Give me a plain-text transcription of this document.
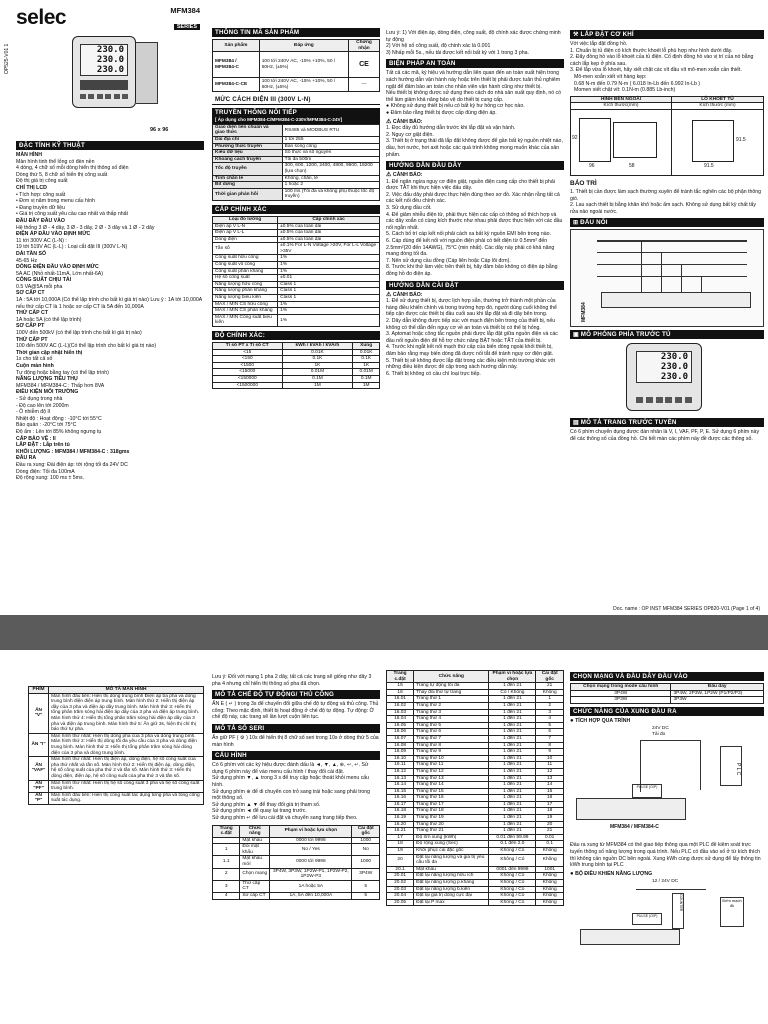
OP525-V01 1
selec	MFM384
SERIES
230.0
230.0
230.0
96 x 96
ĐẶC TÍNH KỸ THUẬT
MÀN HÌNH
Màn hình tinh thể lỏng có đèn nền
4 dòng, 4 chữ số mỗi dòng hiển thị thông số điện
Dòng thứ 5, 8 chữ số hiển thị công suất
Độ thị giá trị công suất
CHỈ THỊ LCD
• Tích hợp: công suất
• Đơn vị năm trong menu cấu hình
• Đang truyền dữ liệu
• Giá trị công suất yêu cầu cao nhất và thấp nhất
ĐẦU ĐẦY ĐẦU VÀO
Hệ thống 3 Ø - 4 dây, 3 Ø - 3 dây, 2 Ø - 3 dây và 1 Ø - 2 dây
ĐIỆN ÁP ĐẦU VÀO ĐỊNH MỨC
11 tới 300V AC (L-N) :
19 tới 519V AC (L-L) : Loại cắt đặt III (300V L-N)
DẢI TẦN SỐ
45-65 Hz
DÒNG ĐIỆN ĐẦU VÀO ĐỊNH MỨC
5A AC (Nhỏ nhất-11mA, Lớn nhất-6A)
CÔNG SUẤT CHỊU TẢI
0.5 VA@5A mỗi pha
SƠ CẤP CT
1A : 5A tới 10,000A (Có thể lập trình cho bất kì giá trị nào) Lưu ý : 1A tới 10,000A nếu thứ cấp CT là 1 hoặc sơ cấp CT là 5A đến 10,000A
THỨ CẤP CT
1A hoặc 5A (có thể lập trình)
SƠ CẤP PT
100V đến 500kV (có thể lập trình cho bất kì giá trị nào)
THỨ CẤP PT
100 đến 500V AC (L-L)(Có thể lập trình cho bất kì giá trị nào)
Thời gian cập nhật hiển thị
1s cho tất cả số
Cuộn màn hình
Tự động hoặc bằng tay (có thể lập trình)
NĂNG LƯỢNG TIÊU THỤ
MFM384 / MFM384-C : Thấp hơn 8VA
ĐIỀU KIỆN MÔI TRƯỜNG
- Sử dụng trong nhà
- Độ cao lên tới 2000m
- Ô nhiễm độ II
Nhiệt độ : Hoạt động : -10°C tới 55°C
Bảo quản : -20°C tới 75°C
Độ ẩm : Lên tới 85% không ngưng tụ
CẤP BẢO VỆ : II
LẮP ĐẶT : Lắp trên tủ
KHỐI LƯỢNG : MFM384 / MFM384-C : 318gms
ĐẦU RA
Đầu ra xung: Đài điện áp: tới rộng tối đa 24V DC
Dòng điện: Tối đa 100mA
Độ rộng xung: 100 ms ± 5ms.
THÔNG TIN MÃ SẢN PHẨM
Sản phẩm	Đáp ứng	Chứng nhận
MFM384 / MFM384-C	100 tới 240V AC, -15% +10%, 50 / 60Hz, (±5%)	CE
MFM384-C-CE	100 tới 240V AC, -15% +10%, 50 / 60Hz, (±5%)	—
MỨC CÁCH ĐIỆN III (300V L-N)
TRUYỀN THÔNG NỐI TIẾP
[ Áp dụng cho MFM384-C/MFM384-C-230V/MFM384-C-24V]
Giao diện liên chuẩn và giao thức	RS485 và MODBUS RTU
Dải địa chỉ	1 tới 255
Phương thức truyền	Bán song công
Kiểu dữ liệu	Số thực và số nguyên
Khoảng cách truyền	Tối đa 500m
Tốc độ truyền	300, 600, 1200, 2400, 4800, 9600, 19200 (lựa chọn)
Tính chẵn lẻ	Không, chẵn, lẻ
Bit dừng	1 hoặc 2
Thời gian phản hồi	100 ms (Tối đa và không phụ thuộc tốc độ truyền)
CẤP CHÍNH XÁC
Loại đo lường	Cấp chính xác
Điện áp V L-N	±0.5% của toàn dải
Điện áp V L-L	±0.5% của toàn dải
Dòng điện	±0.5% của toàn dải
Tần số	±0.1% For L-N Voltage >20V, For L-L Voltage >35V
Công suất hữu công	1%
Công suất vô công	1%
Công suất phản kháng	1%
Hệ số công suất	±0.01
Năng lượng hữu công	Class 1
Năng lượng phản kháng	Class 1
Năng lượng biểu kiến	Class 1
MAX / MIN CS hữu công	1%
MAX / MIN CS phản kháng	1%
MAX / MIN Công suất biểu kiến	1%
ĐỘ CHÍNH XÁC:
Tỉ số PT x Tỉ số CT	kWh / kVAh / kVArh	Xung
<15	0.01K	0.01K
<150	0.1K	0.1K
<1500	1K	1K
<15000	0.01M	0.01M
<150000	0.1M	0.1M
<1500000	1M	1M
Lưu ý: 1) Với điện áp, dòng điện, công suất, độ chính xác được chứng minh tự động
2) Với hệ số công suất, độ chính xác là 0.001
3) Nhấp mỗi 5s., nếu tải được kết nối bất kỳ với 1 trong 3 pha.
BIỆN PHÁP AN TOÀN
Tất cả các mã, ký hiệu và hướng dẫn liên quan đến an toàn xuất hiện trong sách hướng dẫn vận hành này hoặc trên thiết bị phải được tuân thủ nghiêm ngặt để đảm bảo an toàn cho nhân viên vận hành cũng như thiết bị.
Nếu thiết bị không được sử dụng theo cách do nhà sản xuất quy định, nó có thể làm giảm khả năng bảo vệ do thiết bị cung cấp.
● Không sử dụng thiết bị nếu có bất kỳ hư hỏng cơ học nào.
● Đảm bảo rằng thiết bị được cấp đúng điện áp.
⚠ CẢNH BÁO:
1. Đọc đầy đủ hướng dẫn trước khi lắp đặt và vận hành.
2. Nguy cơ giật điện.
3. Thiết bị ở trạng thái đã lắp đặt không được để gần bất kỳ nguồn nhiệt nào, dầu, hơi nước, hơi axit hoặc các quá trình không mong muốn khác của sản phẩm.
HƯỚNG DẪN ĐẦU DÂY
⚠ CẢNH BÁO:
1. Để ngăn ngừa nguy cơ điện giật, nguồn điện cung cấp cho thiết bị phải được TẮT khi thực hiện việc đấu dây.
2. Việc đấu dây phải được thực hiện đúng theo sơ đồ. Xác nhận rằng tất cả các kết nối đều chính xác.
3. Sử dụng đầu cốt.
4. Để giảm nhiễu điện từ, phải thực hiện các cấp có thông số thích hợp và các dây xoắn có cùng kích thước như nhau phải được thực hiện với các đầu nối ngắn nhất.
5. Cách bố trí cáp kết nối phải cách xa bất kỳ nguồn EMI bên trong nào.
6. Cáp dùng để kết nối với nguồn điện phải có tiết diện từ 0.5mm² đến 2.5mm²(20 đến 14AWG), 75°C (min nhất). Các dây này phải có khả năng mang dòng tối đa.
7. Nên sử dụng cầu đồng (Cáp liên hoặc Cáp lõi đơn).
8. Trước khi thử làm việc trên thiết bị, hãy đảm bảo không có điện áp bằng đồng hồ đo điện áp.
HƯỚNG DẪN CÀI ĐẶT
⚠ CẢNH BÁO:
1. Để sử dụng thiết bị, dược lịch hợp sẵn, thường trở thành một phần của hàng điều khiển chính và trong trường hợp đó, người dùng cuối không thể tiếp cận được các thiết bị đầu cuối sau khi lắp đặt và đi dây bên trong.
2. Dây dẫn không được tiếp xúc với mạch điện bên trong của thiết bị, nếu không có thể dẫn đến nguy cơ về an toàn và thiết bị có thể bị hỏng.
3. Aptomat hoặc công tắc nguồn phải được lắp đặt giữa nguồn điện và các đầu nối nguồn điện để hỗ trợ chức năng BẬT hoặc TẮT của thiết bị.
4. Trước khi ngắt kết nối mạch thứ cấp của biến dòng ngoài khỏi thiết bị, đảm bảo rằng mạy biến dòng đã được nối tắt để tránh nguy cơ điện giật.
5. Thiết bị sẽ không được lắp đặt trong các điều kiện môi trường khác với những điều kiện được đề cập trong sách hướng dẫn này.
6. Thiết bị không có cầu chì loại trực tiếp.
⚒ LẮP ĐẶT CƠ KHÍ
Với việc lắp đặt đồng hồ.
1. Chuẩn bị tủ điện có kích thước khoét lỗ phù hợp như hình dưới đây.
2. Đẩy đồng hồ vào lỗ khoét của tủ điện. Cố định đồng hồ vào vị trí của nó bằng cách lắp kẹp ở phía sau.
3. Để lắp vừa lỗ khoét, hãy xiết chặt các vít đầu vít mô-men xoắn cần thiết.
Mô-men xoắn xiết vít hàng kẹp:
0.68 N-m đến 0.79 N-m ( 6.018 In-Lb đến 6.992 In-Lb )
Momen xiết chặt vít: 0.1N-m (0.885 Lb-inch)
HÌNH BÊN NGOÀI	LỖ KHOÉT TỦ
Kích thước(mm)	Kích thước (mm)

96
92
58	91.5
91.5
BẢO TRÌ
1. Thiết bị cần được làm sạch thường xuyên để tránh tắc nghẽn các bộ phận thông gió.
2. Lau sạch thiết bị bằng khăn khô hoặc ẩm sạch. Không sử dụng bất kỳ chất tẩy rửa nào ngoài nước.
⊞ ĐẤU NỐI
MFM384
▣ MÔ PHỎNG PHÍA TRƯỚC TỦ
230.0
230.0
230.0
▤ MÔ TẢ TRANG TRƯỚC TUYỀN
Có 6 phím chuyển dụng được dán nhãn là V, I, VAF, PF, P, E. Sử dụng 6 phím này để các thông số của đồng hồ. Chi tiết màn các phím này đề được các thông số.
Doc. name : OP INST MFM384 SERIES OP820-V01 (Page 1 of 4)
PHÍM	MÔ TẢ MÀN HÌNH
ẤN "V"	Màn hình đầu tiên: Hiển thị dòng trung bình Điện áp ba pha và dòng trung bình điện điện áp trung bình. Màn hình thứ 2: Hiển thị điện áp dây của 3 pha và điện áp dây trung bình. Màn hình thứ 3: Hiển thị tổng phân trăm sóng hài điện áp dây của 3 pha và điện áp trung bình. Màn hình thứ 4: Hiển thị tổng phân trăm sóng hài điện áp dây của 3 pha và điện áp trung bình. Màn hình thứ 5: Ấn giữ 3s, hiện thị chỉ thị báo thứ tự pha.
ẤN "I"	Màn hình thứ nhất: Hiển thị dòng pha của 3 pha và dòng trung bình. Màn hình thứ 2: Hiển thị dòng tối đa yêu cầu của 3 pha và dòng điện trung bình. Màn hình thứ 3: Hiển thị tổng phân trăm sóng hài dòng điện của 3 pha và dòng trung bình.
ẤN "VAF"	Màn hình thứ nhất: Hiển thị điện áp, dòng điện, hệ số công suất của pha thứ nhất và tần số. Màn hình thứ 2: Hiển thị điện áp, dòng điện, hệ số công suất của pha thứ 2 và tần số. Màn hình thứ 3: Hiển thị dòng điện, điện áp, hệ số công suất của pha thứ 3 và tần số.
ẤN "PF"	Màn hình thứ nhất: Hiển thị hệ số công suất 3 pha và hệ số công suất trung bình.
ẤN "P"	Màn hình đầu tiên: Hiển thị công suất tác dụng từng pha và tổng công suất tác dụng.
Lưu ý: Đối với mạng 1 pha 2 dây, tất cả các trang sẽ giống như dây 3 pha 4 nhưng chỉ hiển thị thông số pha đã chọn.
MÔ TẢ CHẾ ĐỘ TỰ ĐỘNG/ THỦ CÔNG
ẤN E ( ↵ ) trong 3s để chuyển đổi giữa chế độ tự động và thủ công. Thủ công: Theo mặc định, thiết bị hoạt động ở chế độ tự động. Tự động: Ở chế độ này, các trang sẽ lần lượt cuộn liên tục.
MÔ TẢ SỐ SERI
Ấn giữ PF ( ⚙ ) 10s để hiển thị 8 chữ số seri trong 10s ở dòng thứ 5 của màn hình
CẤU HÌNH
Có 6 phím với các ký hiệu được đánh dấu là ◄, ▼, ▲, ⊕, ↩, ↵. Sử dụng 6 phím này để vào menu cấu hình / thay đổi cài đặt.
Sử dụng phím ▼, ▲ trong 3 s để truy cập hoặc thoát khỏi menu cấu hình.
Sử dụng phím ⊕ để di chuyển con trỏ sang trái hoặc sang phải trong một thông số.
Sử dụng phím ▲ ▼ để thay đổi giá trị tham số.
Sử dụng phím ◄ để quay lại trang trước.
Sử dụng phím ↵ để lưu cài đặt và chuyển sang trang tiếp theo.
Trang c.đặt	Chức năng	Phạm vi hoặc lựa chọn	Cài đặt gốc
	Mật khẩu	0000 tới 9998	1000
1	Đổi mật khẩu	No / Yes	No
1.1	Mật khẩu mới	0000 tới 9998	1000
2	Chọn mạng	3P4W, 3P3W, 1P2W-P1, 1P2W-P2, 1P2W-P3	3P4W
3	Thứ cấp CT	1A hoặc 5A	5
4	Sơ cấp CT	1A, 5A đến 10,000A	5
Trang c.đặt	Chức năng	Phạm vi hoặc lựa chọn	Cài đặt gốc
15	Trang tự động tối đa	1 đến 21	21
16	Thay đổi thứ tự trang	Có / Không	Không
16.01	Trang thứ 1	1 đến 21	1
16.02	Trang thứ 2	1 đến 21	2
16.03	Trang thứ 3	1 đến 21	3
16.04	Trang thứ 4	1 đến 21	4
16.05	Trang thứ 5	1 đến 21	5
16.06	Trang thứ 6	1 đến 21	6
16.07	Trang thứ 7	1 đến 21	7
16.08	Trang thứ 8	1 đến 21	8
16.09	Trang thứ 9	1 đến 21	9
16.10	Trang thứ 10	1 đến 21	10
16.11	Trang thứ 11	1 đến 21	11
16.12	Trang thứ 12	1 đến 21	12
16.13	Trang thứ 13	1 đến 21	13
16.14	Trang thứ 14	1 đến 21	14
16.15	Trang thứ 15	1 đến 21	15
16.16	Trang thứ 16	1 đến 21	16
16.17	Trang thứ 17	1 đến 21	17
16.18	Trang thứ 18	1 đến 21	18
16.19	Trang thứ 19	1 đến 21	19
16.20	Trang thứ 20	1 đến 21	20
16.21	Trang thứ 21	1 đến 21	21
17	Độ lớn xung (kWh)	0.01 đến 99.99	0.01
18	Độ rộng xung (Sec)	0.1 đến 2.0	0.1
19	Khởi phục cài đặc gốc	Không / Có	Không
20	Đặt lại năng lượng và giá trị yêu cầu tối đa	Không / Có	Không
20.1	Mật khẩu	0001 đến 9999	1001
20.01	Đặt lại năng lượng hữu ích	Không / Có	Không
20.02	Đặt lại năng lượng p.kháng	Không / Có	Không
20.03	Đặt lại năng lượng b.kiến	Không / Có	Không
20.04	Đặt lại giá trị dòng cực đại	Không / Có	Không
20.05	Đặt lại P max	Không / Có	Không
CHỌN MẠNG VÀ ĐẦU DÂY ĐẦU VÀO
Chọn mạng trong mode cấu hình	Đấu dây
3P4W	3P4W, 2P3W, 1P2W (P1/P2/P3)
3P3W	3P3W
CHỨC NĂNG CỦA XUNG ĐẦU RA
● TÍCH HỢP QUA TRÌNH
24V DC
Tải đo
P L C
PULSE (O/P)
MFM384 / MFM384-C
Đầu ra xung từ MFM384 có thể giao tiếp thông qua một PLC để kiểm soát trực tuyến thông số năng lượng trong quá trình. Nếu PLC có đầu vào số ở từ kích thích thì không cần nguồn DC bên ngoài. Xung kWh cùng được sử dụng để lấy thông tin kWh trung bình tại PLC
● BỘ ĐIỀU KHIỂN NĂNG LƯỢNG
12 / 24V DC
COUNTER	Đếm mạch đk
PULSE (O/P)
